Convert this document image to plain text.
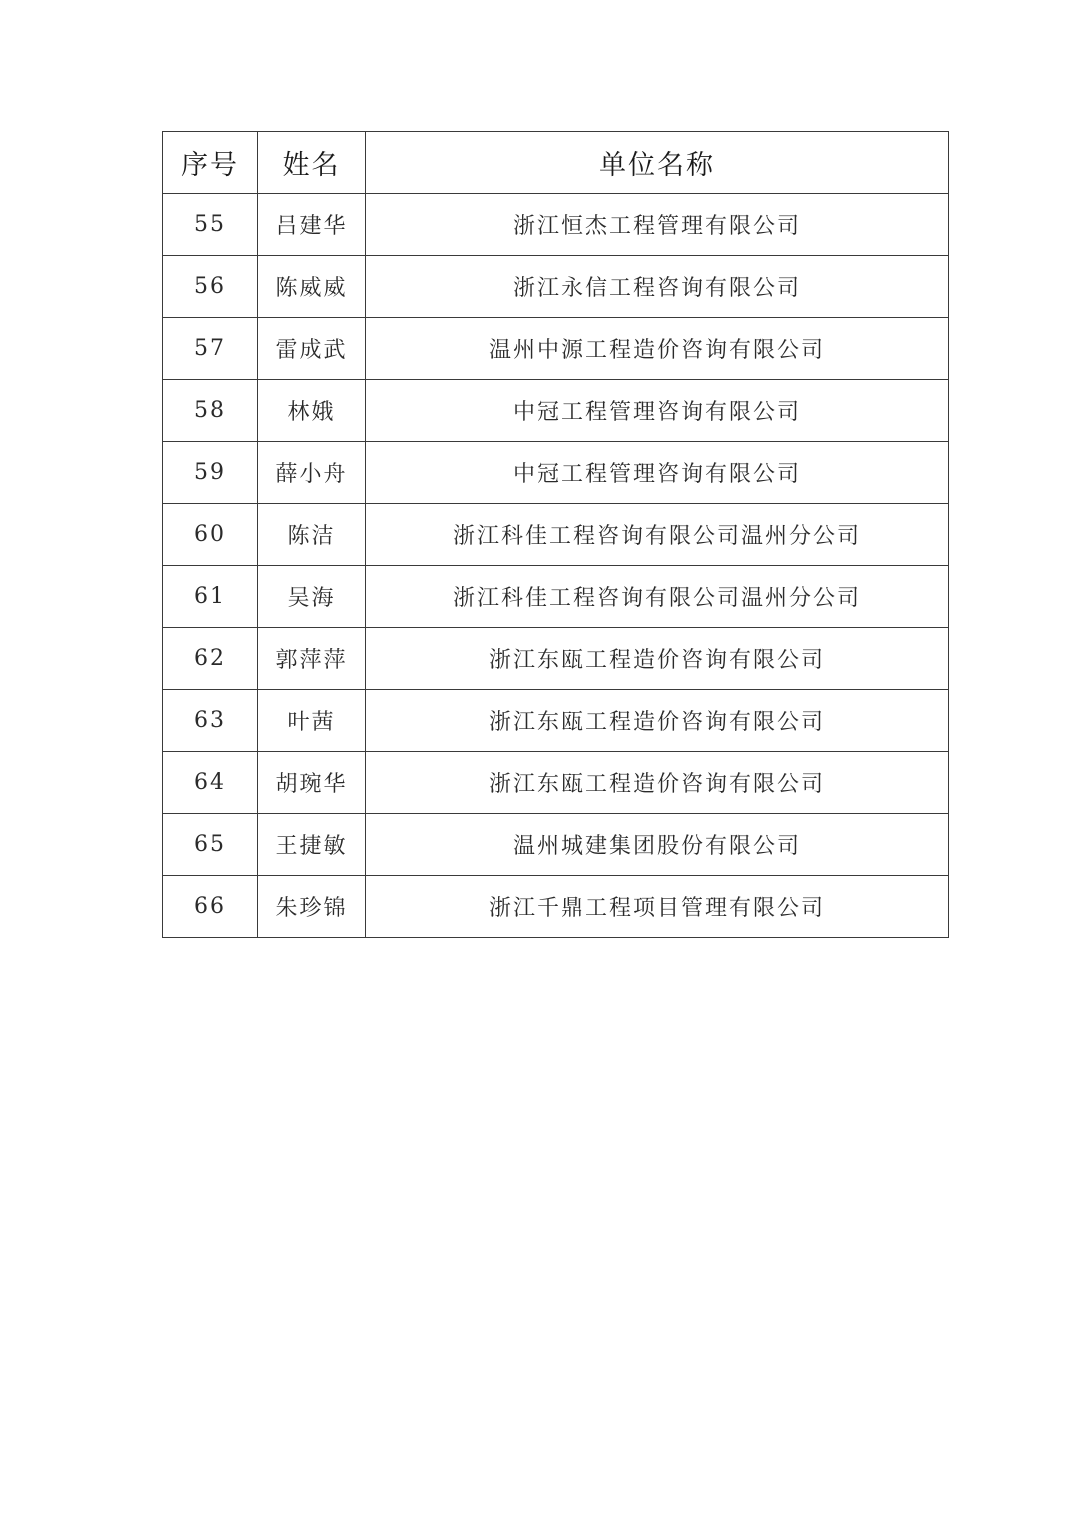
序号	姓名	单位名称
55	吕建华	浙江恒杰工程管理有限公司
56	陈威威	浙江永信工程咨询有限公司
57	雷成武	温州中源工程造价咨询有限公司
58	林娥	中冠工程管理咨询有限公司
59	薛小舟	中冠工程管理咨询有限公司
60	陈洁	浙江科佳工程咨询有限公司温州分公司
61	吴海	浙江科佳工程咨询有限公司温州分公司
62	郭萍萍	浙江东瓯工程造价咨询有限公司
63	叶茜	浙江东瓯工程造价咨询有限公司
64	胡琬华	浙江东瓯工程造价咨询有限公司
65	王捷敏	温州城建集团股份有限公司
66	朱珍锦	浙江千鼎工程项目管理有限公司
